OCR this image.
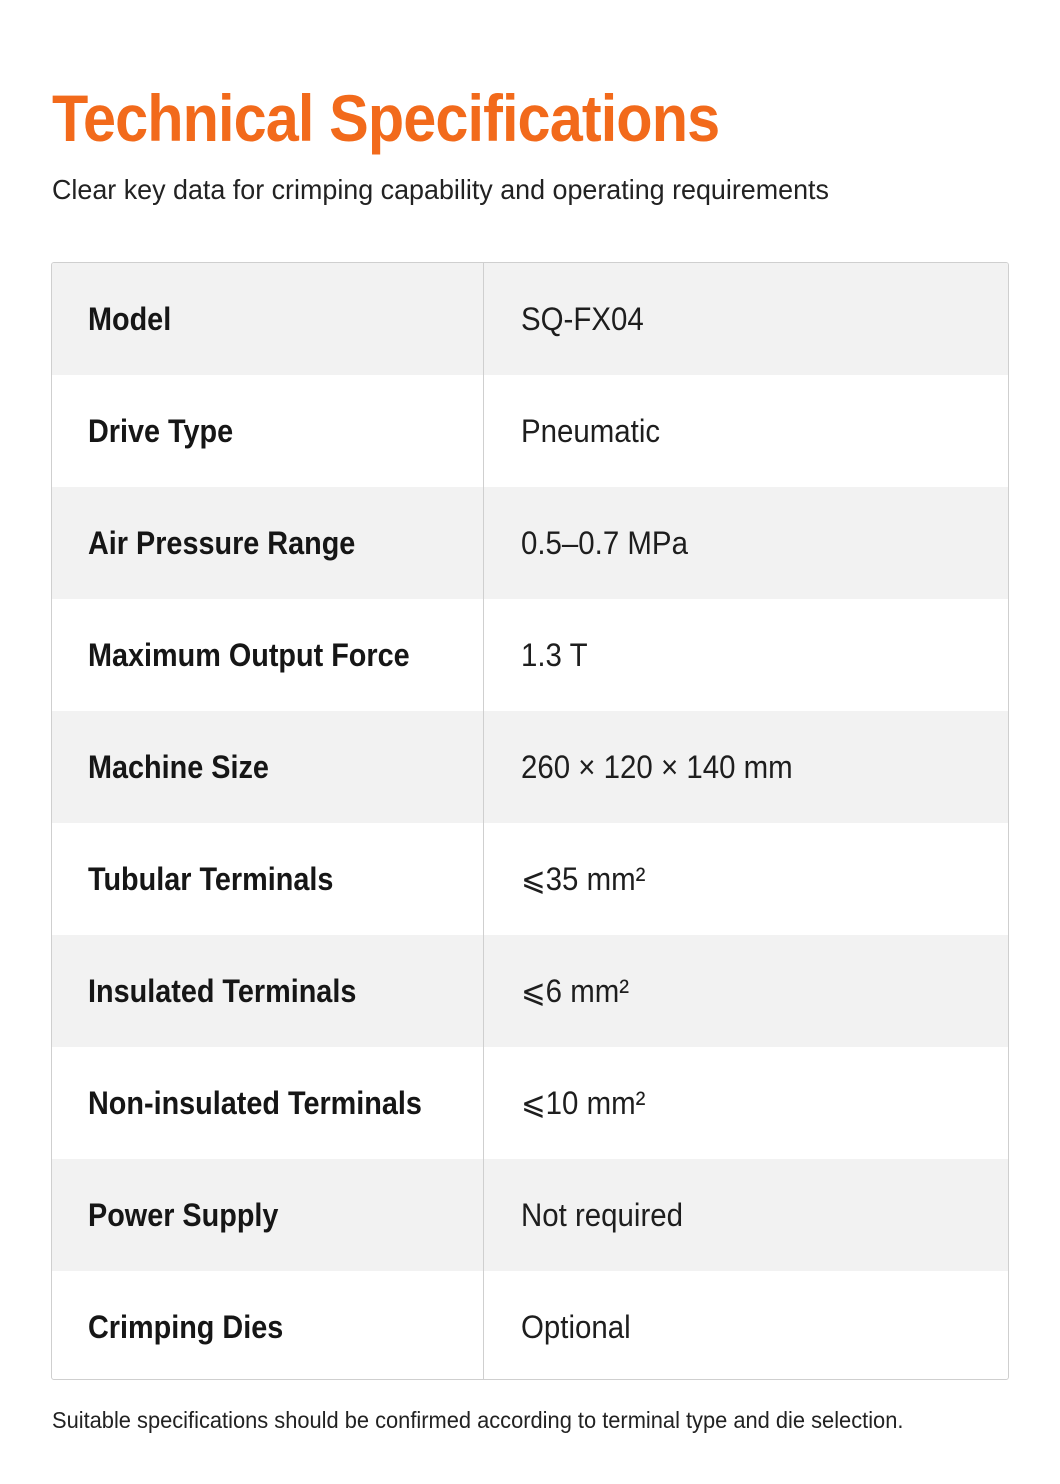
Technical Specifications

Clear key data for crimping capability and operating requirements

Model	SQ-FX04
Drive Type	Pneumatic
Air Pressure Range	0.5–0.7 MPa
Maximum Output Force	1.3 T
Machine Size	260 × 120 × 140 mm
Tubular Terminals	⩽35 mm²
Insulated Terminals	⩽6 mm²
Non-insulated Terminals	⩽10 mm²
Power Supply	Not required
Crimping Dies	Optional

Suitable specifications should be confirmed according to terminal type and die selection.
